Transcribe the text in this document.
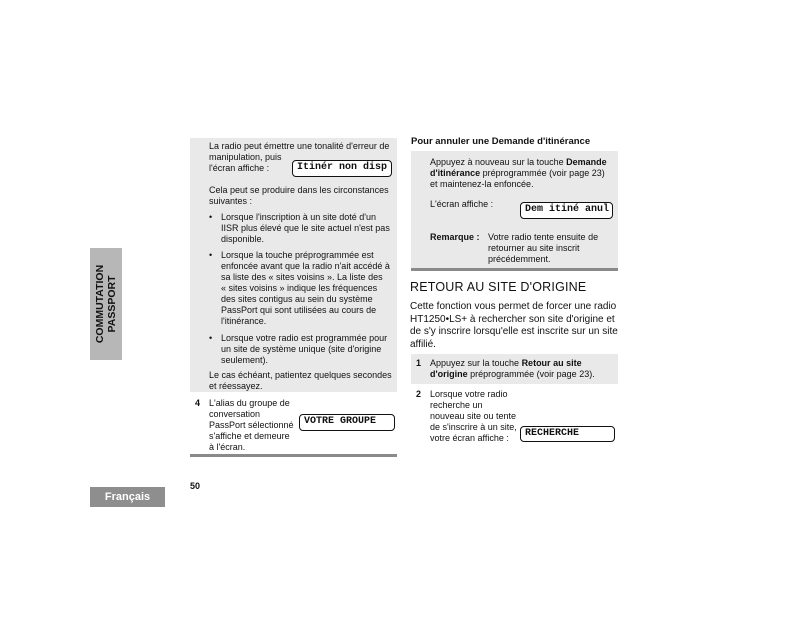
COMMUTATION PASSPORT
Français
50
La radio peut émettre une tonalité d'erreur de
manipulation, puis
l'écran affiche :	Itinér non disp
Cela peut se produire dans les circonstances
suivantes :
• Lorsque l'inscription à un site doté d'un
IISR plus élevé que le site actuel n'est pas
disponible.
• Lorsque la touche préprogrammée est
enfoncée avant que la radio n'ait accédé à
sa liste des « sites voisins ». La liste des
« sites voisins » indique les fréquences
des sites contigus au sein du système
PassPort qui sont utilisées au cours de
l'itinérance.
• Lorsque votre radio est programmée pour
un site de système unique (site d'origine
seulement).
Le cas échéant, patientez quelques secondes
et réessayez.
4 L'alias du groupe de
conversation
PassPort sélectionné
s'affiche et demeure
à l'écran.
VOTRE GROUPE
Pour annuler une Demande d'itinérance
Appuyez à nouveau sur la touche Demande
d'itinérance préprogrammée (voir page 23)
et maintenez-la enfoncée.
L'écran affiche :	Dem itiné anul
Remarque : Votre radio tente ensuite de
retourner au site inscrit
précédemment.
RETOUR AU SITE D'ORIGINE
Cette fonction vous permet de forcer une radio
HT1250•LS+ à rechercher son site d'origine et
de s'y inscrire lorsqu'elle est inscrite sur un site
affilié.
1 Appuyez sur la touche Retour au site
d'origine préprogrammée (voir page 23).
2 Lorsque votre radio
recherche un
nouveau site ou tente
de s'inscrire à un site,
votre écran affiche :	RECHERCHE
